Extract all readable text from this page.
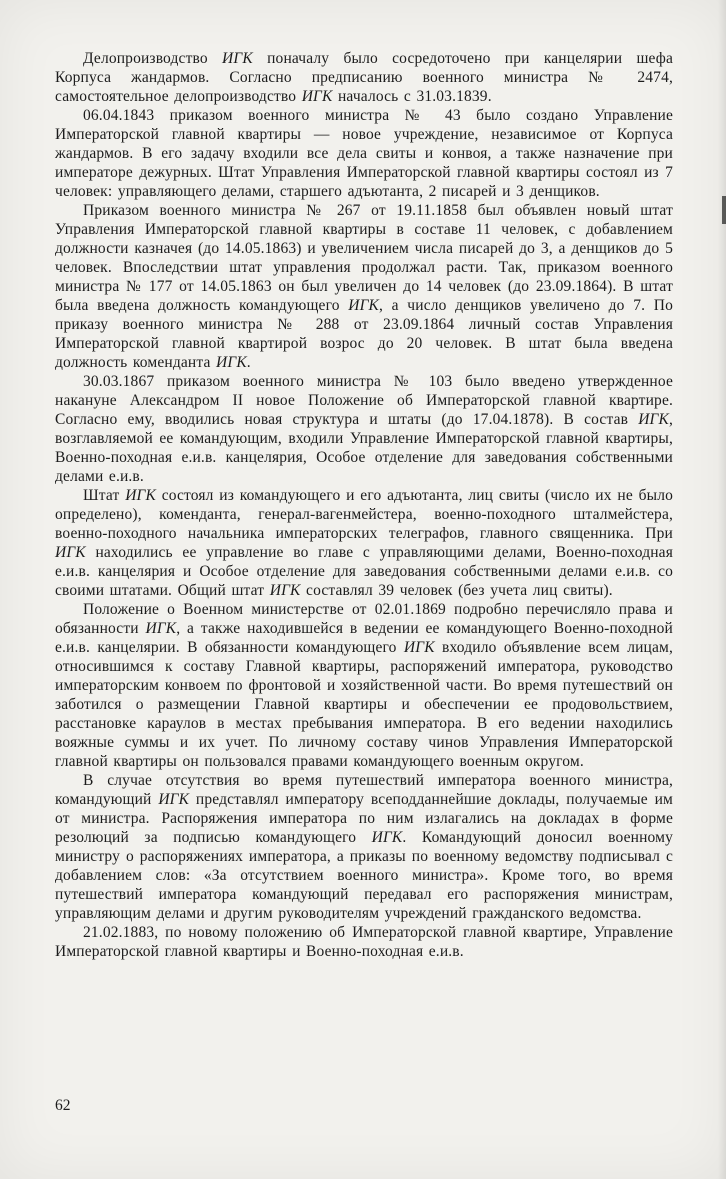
Делопроизводство ИГК поначалу было сосредоточено при канцелярии шефа Корпуса жандармов. Согласно предписанию военного министра № 2474, самостоятельное делопроизводство ИГК началось с 31.03.1839.

06.04.1843 приказом военного министра № 43 было создано Управление Императорской главной квартиры — новое учреждение, независимое от Корпуса жандармов. В его задачу входили все дела свиты и конвоя, а также назначение при императоре дежурных. Штат Управления Императорской главной квартиры состоял из 7 человек: управляющего делами, старшего адъютанта, 2 писарей и 3 денщиков.

Приказом военного министра № 267 от 19.11.1858 был объявлен новый штат Управления Императорской главной квартиры в составе 11 человек, с добавлением должности казначея (до 14.05.1863) и увеличением числа писарей до 3, а денщиков до 5 человек. Впоследствии штат управления продолжал расти. Так, приказом военного министра № 177 от 14.05.1863 он был увеличен до 14 человек (до 23.09.1864). В штат была введена должность командующего ИГК, а число денщиков увеличено до 7. По приказу военного министра № 288 от 23.09.1864 личный состав Управления Императорской главной квартирой возрос до 20 человек. В штат была введена должность коменданта ИГК.

30.03.1867 приказом военного министра № 103 было введено утвержденное накануне Александром II новое Положение об Императорской главной квартире. Согласно ему, вводились новая структура и штаты (до 17.04.1878). В состав ИГК, возглавляемой ее командующим, входили Управление Императорской главной квартиры, Военно-походная е.и.в. канцелярия, Особое отделение для заведования собственными делами е.и.в.

Штат ИГК состоял из командующего и его адъютанта, лиц свиты (число их не было определено), коменданта, генерал-вагенмейстера, военно-походного шталмейстера, военно-походного начальника императорских телеграфов, главного священника. При ИГК находились ее управление во главе с управляющими делами, Военно-походная е.и.в. канцелярия и Особое отделение для заведования собственными делами е.и.в. со своими штатами. Общий штат ИГК составлял 39 человек (без учета лиц свиты).

Положение о Военном министерстве от 02.01.1869 подробно перечисляло права и обязанности ИГК, а также находившейся в ведении ее командующего Военно-походной е.и.в. канцелярии. В обязанности командующего ИГК входило объявление всем лицам, относившимся к составу Главной квартиры, распоряжений императора, руководство императорским конвоем по фронтовой и хозяйственной части. Во время путешествий он заботился о размещении Главной квартиры и обеспечении ее продовольствием, расстановке караулов в местах пребывания императора. В его ведении находились вояжные суммы и их учет. По личному составу чинов Управления Императорской главной квартиры он пользовался правами командующего военным округом.

В случае отсутствия во время путешествий императора военного министра, командующий ИГК представлял императору всеподданнейшие доклады, получаемые им от министра. Распоряжения императора по ним излагались на докладах в форме резолюций за подписью командующего ИГК. Командующий доносил военному министру о распоряжениях императора, а приказы по военному ведомству подписывал с добавлением слов: «За отсутствием военного министра». Кроме того, во время путешествий императора командующий передавал его распоряжения министрам, управляющим делами и другим руководителям учреждений гражданского ведомства.

21.02.1883, по новому положению об Императорской главной квартире, Управление Императорской главной квартиры и Военно-походная е.и.в.

62
